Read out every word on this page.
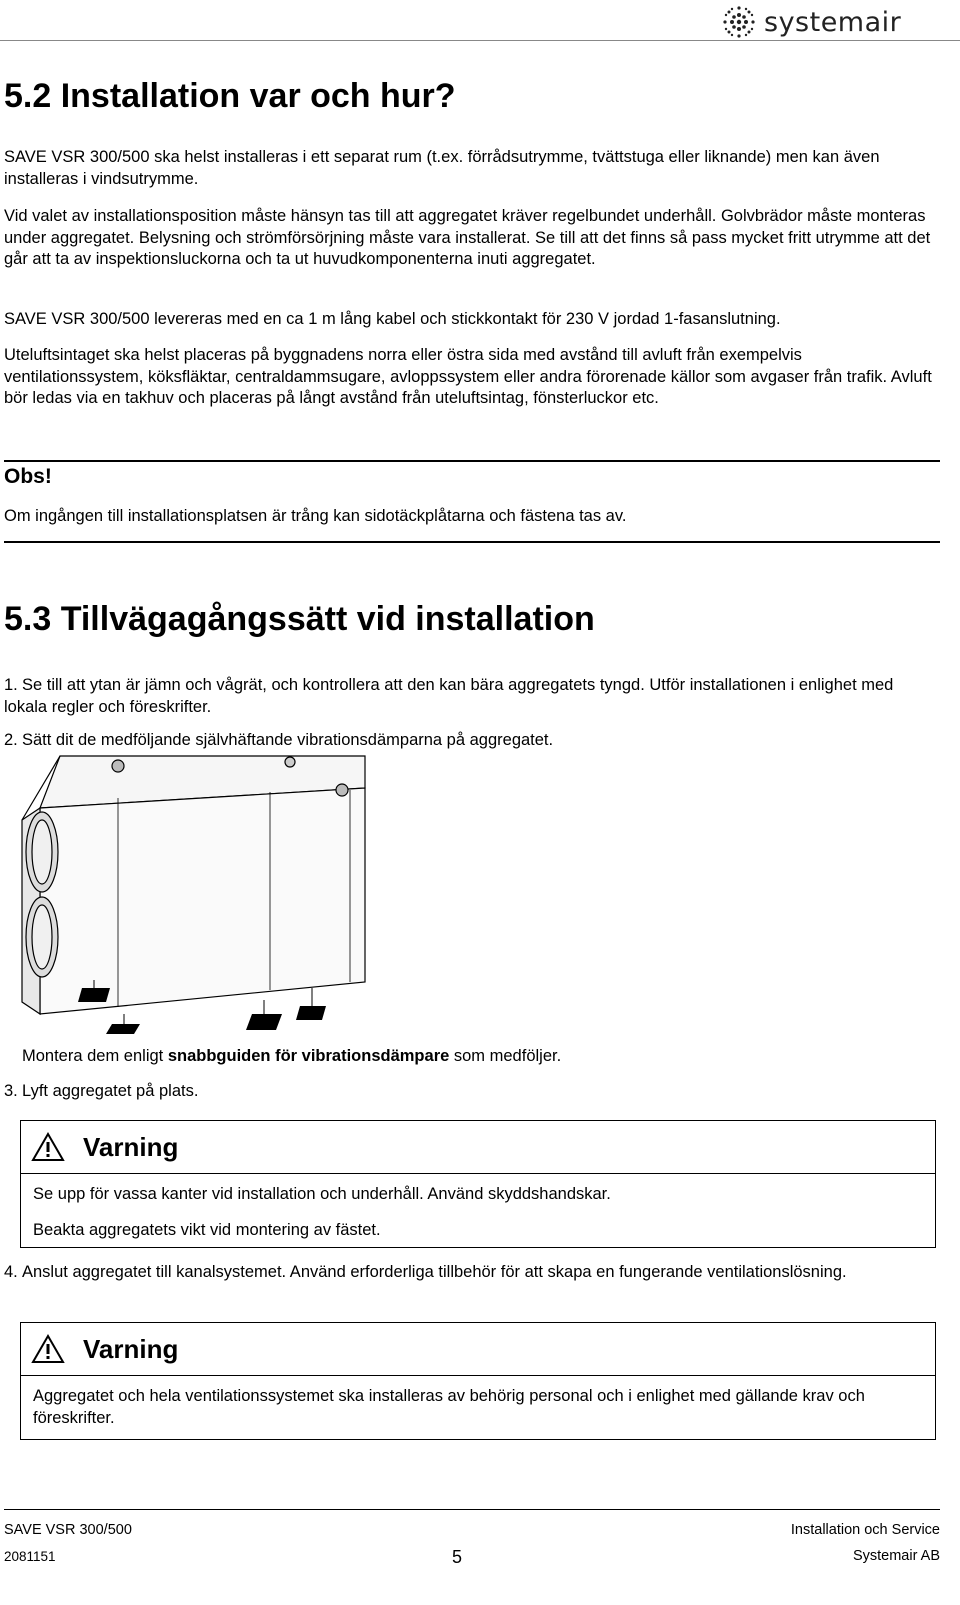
systemair
5.2 Installation var och hur?

SAVE VSR 300/500 ska helst installeras i ett separat rum (t.ex. förrådsutrymme, tvättstuga eller liknande) men kan även installeras i vindsutrymme.

Vid valet av installationsposition måste hänsyn tas till att aggregatet kräver regelbundet underhåll. Golvbrädor måste monteras under aggregatet. Belysning och strömförsörjning måste vara installerat. Se till att det finns så pass mycket fritt utrymme att det går att ta av inspektionsluckorna och ta ut huvudkomponenterna inuti aggregatet.

SAVE VSR 300/500 levereras med en ca 1 m lång kabel och stickkontakt för 230 V jordad 1-fasanslutning.

Uteluftsintaget ska helst placeras på byggnadens norra eller östra sida med avstånd till avluft från exempelvis ventilationssystem, köksfläktar, centraldammsugare, avloppssystem eller andra förorenade källor som avgaser från trafik. Avluft bör ledas via en takhuv och placeras på långt avstånd från uteluftsintag, fönsterluckor etc.

Obs!

Om ingången till installationsplatsen är trång kan sidotäckplåtarna och fästena tas av.

5.3 Tillvägagångssätt vid installation
1. Se till att ytan är jämn och vågrät, och kontrollera att den kan bära aggregatets tyngd. Utför installationen i enlighet med lokala regler och föreskrifter.
2. Sätt dit de medföljande självhäftande vibrationsdämparna på aggregatet.
Montera dem enligt snabbguiden för vibrationsdämpare som medföljer.
3. Lyft aggregatet på plats.
Varning

Se upp för vassa kanter vid installation och underhåll. Använd skyddshandskar.

Beakta aggregatets vikt vid montering av fästet.

4. Anslut aggregatet till kanalsystemet. Använd erforderliga tillbehör för att skapa en fungerande ventilationslösning.
Varning

Aggregatet och hela ventilationssystemet ska installeras av behörig personal och i enlighet med gällande krav och föreskrifter.

SAVE VSR 300/500
2081151	5
Installation och Service
Systemair AB
